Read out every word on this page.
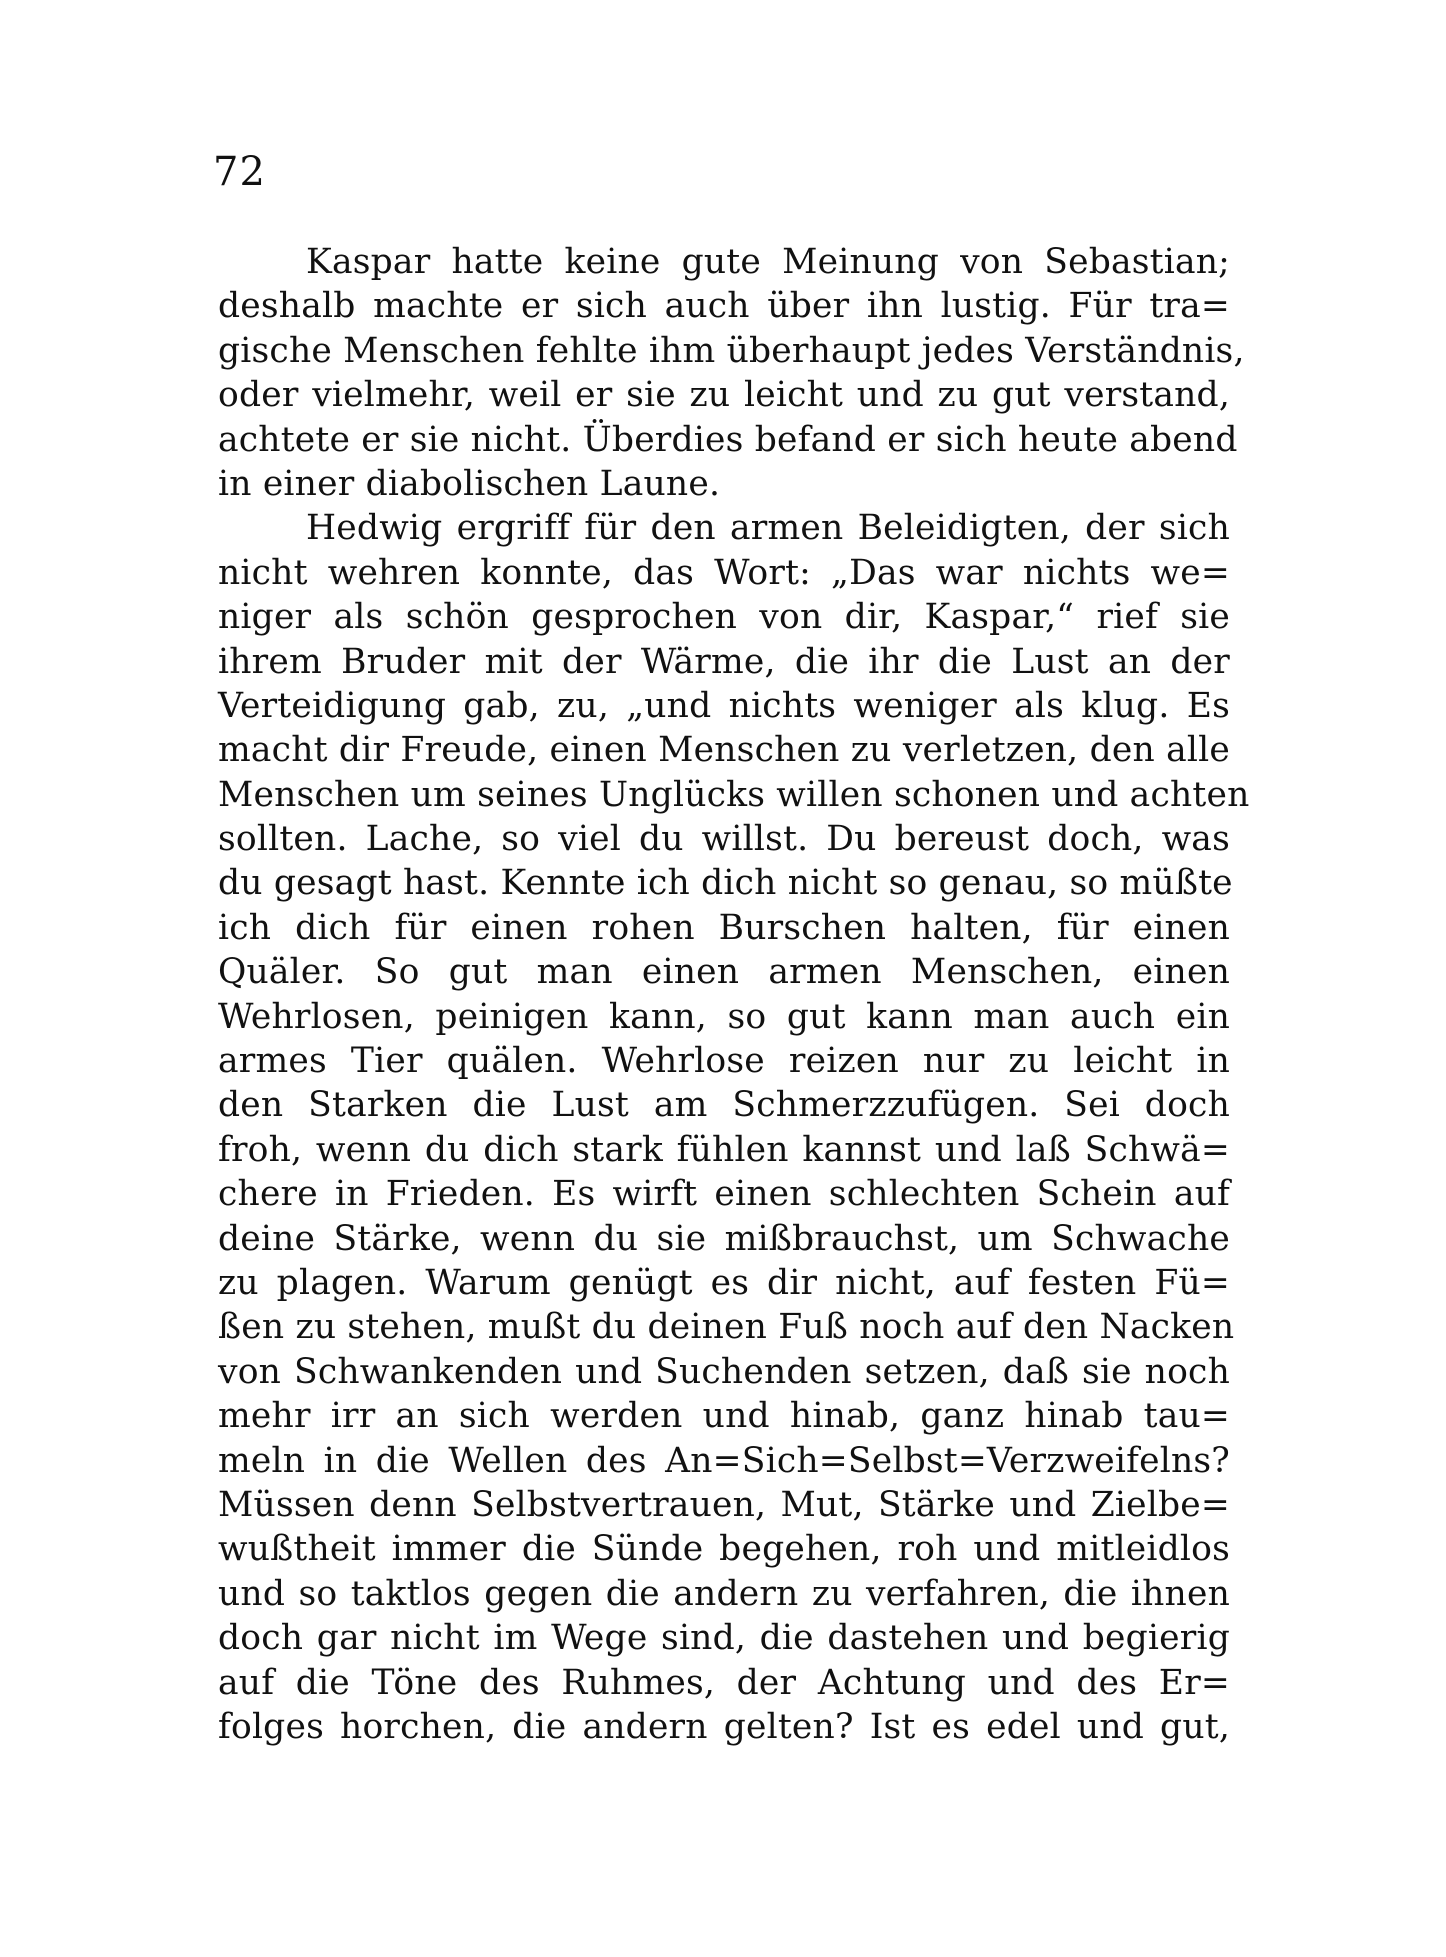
72
Kaspar hatte keine gute Meinung von Sebastian;
deshalb machte er sich auch über ihn lustig. Für tra=
gische Menschen fehlte ihm überhaupt jedes Verständnis,
oder vielmehr, weil er sie zu leicht und zu gut verstand,
achtete er sie nicht. Überdies befand er sich heute abend
in einer diabolischen Laune.
Hedwig ergriff für den armen Beleidigten, der sich
nicht wehren konnte, das Wort: „Das war nichts we=
niger als schön gesprochen von dir, Kaspar,“ rief sie
ihrem Bruder mit der Wärme, die ihr die Lust an der
Verteidigung gab, zu, „und nichts weniger als klug. Es
macht dir Freude, einen Menschen zu verletzen, den alle
Menschen um seines Unglücks willen schonen und achten
sollten. Lache, so viel du willst. Du bereust doch, was
du gesagt hast. Kennte ich dich nicht so genau, so müßte
ich dich für einen rohen Burschen halten, für einen
Quäler. So gut man einen armen Menschen, einen
Wehrlosen, peinigen kann, so gut kann man auch ein
armes Tier quälen. Wehrlose reizen nur zu leicht in
den Starken die Lust am Schmerzzufügen. Sei doch
froh, wenn du dich stark fühlen kannst und laß Schwä=
chere in Frieden. Es wirft einen schlechten Schein auf
deine Stärke, wenn du sie mißbrauchst, um Schwache
zu plagen. Warum genügt es dir nicht, auf festen Fü=
ßen zu stehen, mußt du deinen Fuß noch auf den Nacken
von Schwankenden und Suchenden setzen, daß sie noch
mehr irr an sich werden und hinab, ganz hinab tau=
meln in die Wellen des An=Sich=Selbst=Verzweifelns?
Müssen denn Selbstvertrauen, Mut, Stärke und Zielbe=
wußtheit immer die Sünde begehen, roh und mitleidlos
und so taktlos gegen die andern zu verfahren, die ihnen
doch gar nicht im Wege sind, die dastehen und begierig
auf die Töne des Ruhmes, der Achtung und des Er=
folges horchen, die andern gelten? Ist es edel und gut,
